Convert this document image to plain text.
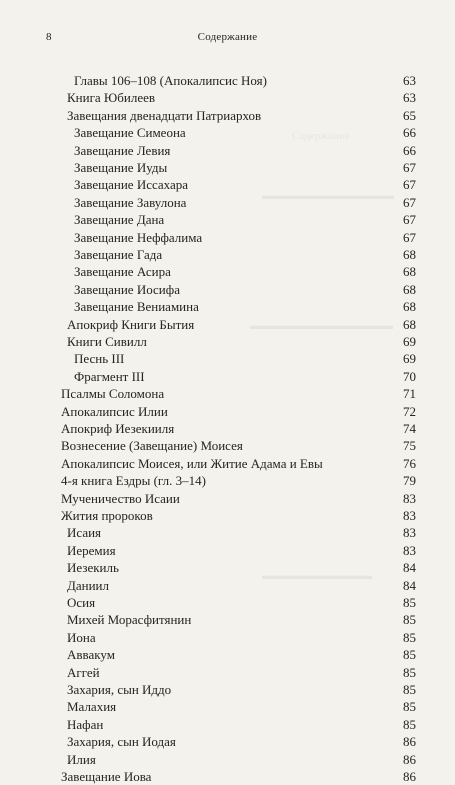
Содержание
▬▬▬▬▬▬▬▬▬▬▬▬
▬▬▬▬▬▬▬▬▬▬▬▬▬
▬▬▬▬▬▬▬▬▬▬
8	Содержание
Главы 106–108 (Апокалипсис Ноя)	63
Книга Юбилеев	63
Завещания двенадцати Патриархов	65
Завещание Симеона	66
Завещание Левия	66
Завещание Иуды	67
Завещание Иссахара	67
Завещание Завулона	67
Завещание Дана	67
Завещание Неффалима	67
Завещание Гада	68
Завещание Асира	68
Завещание Иосифа	68
Завещание Вениамина	68
Апокриф Книги Бытия	68
Книги Сивилл	69
Песнь III	69
Фрагмент III	70
Псалмы Соломона	71
Апокалипсис Илии	72
Апокриф Иезекииля	74
Вознесение (Завещание) Моисея	75
Апокалипсис Моисея, или Житие Адама и Евы	76
4-я книга Ездры (гл. 3–14)	79
Мученичество Исаии	83
Жития пророков	83
Исаия	83
Иеремия	83
Иезекиль	84
Даниил	84
Осия	85
Михей Морасфитянин	85
Иона	85
Аввакум	85
Аггей	85
Захария, сын Иддо	85
Малахия	85
Нафан	85
Захария, сын Иодая	86
Илия	86
Завещание Иова	86
